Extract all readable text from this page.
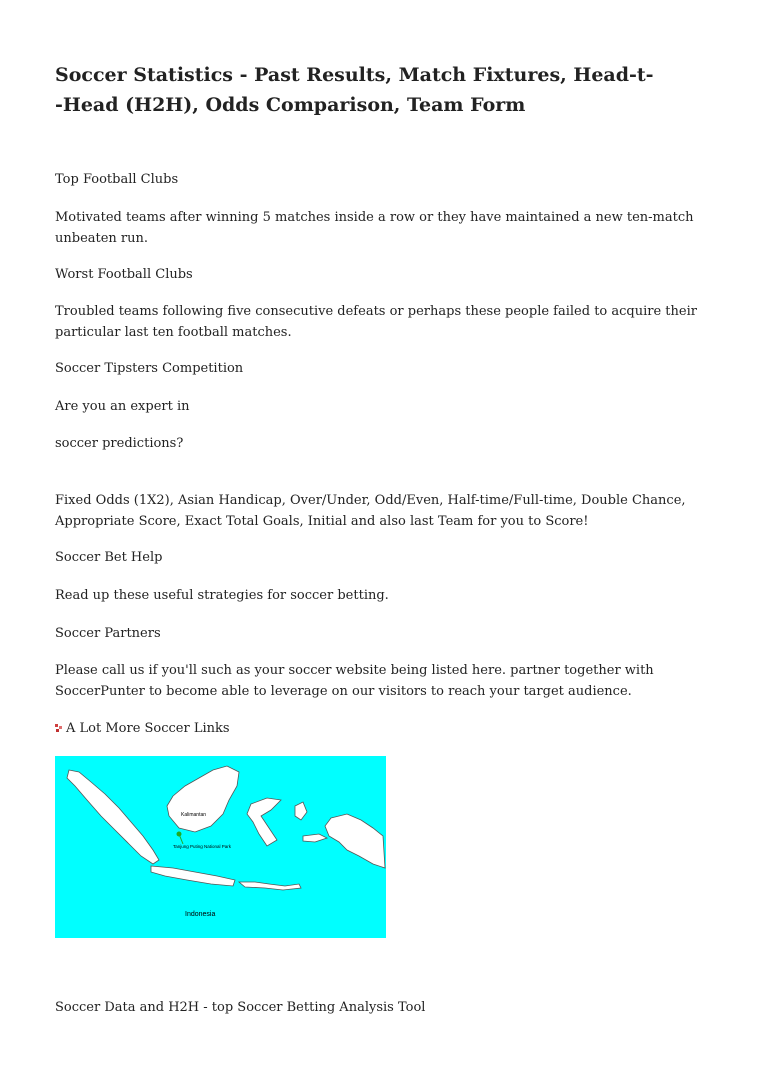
Soccer Statistics - Past Results, Match Fixtures, Head-t-
-Head (H2H), Odds Comparison, Team Form

Top Football Clubs

Motivated teams after winning 5 matches inside a row or they have maintained a new ten-match unbeaten run.

Worst Football Clubs

Troubled teams following five consecutive defeats or perhaps these people failed to acquire their particular last ten football matches.

Soccer Tipsters Competition

Are you an expert in

soccer predictions?

Fixed Odds (1X2), Asian Handicap, Over/Under, Odd/Even, Half-time/Full-time, Double Chance, Appropriate Score, Exact Total Goals, Initial and also last Team for you to Score!

Soccer Bet Help

Read up these useful strategies for soccer betting.

Soccer Partners

Please call us if you'll such as your soccer website being listed here. partner together with SoccerPunter to become able to leverage on our visitors to reach your target audience.

A Lot More Soccer Links

Kalimantan
Tanjung Puting National Park
Indonesia

Soccer Data and H2H - top Soccer Betting Analysis Tool
